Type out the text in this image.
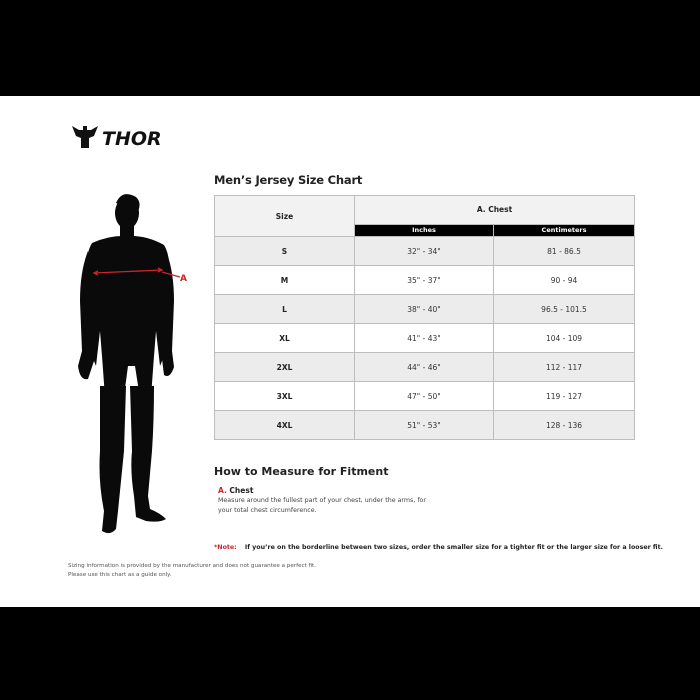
THOR
A
Men’s Jersey Size Chart
Size	A. Chest	
	Inches	Centimeters
S	32" - 34"	81 - 86.5
M	35" - 37"	90 - 94
L	38" - 40"	96.5 - 101.5
XL	41" - 43"	104 - 109
2XL	44" - 46"	112 - 117
3XL	47" - 50"	119 - 127
4XL	51" - 53"	128 - 136
How to Measure for Fitment
A. Chest
Measure around the fullest part of your chest, under the arms, for your total chest circumference.
*Note: If you’re on the borderline between two sizes, order the smaller size for a tighter fit or the larger size for a looser fit.
Sizing information is provided by the manufacturer and does not guarantee a perfect fit.
Please use this chart as a guide only.
